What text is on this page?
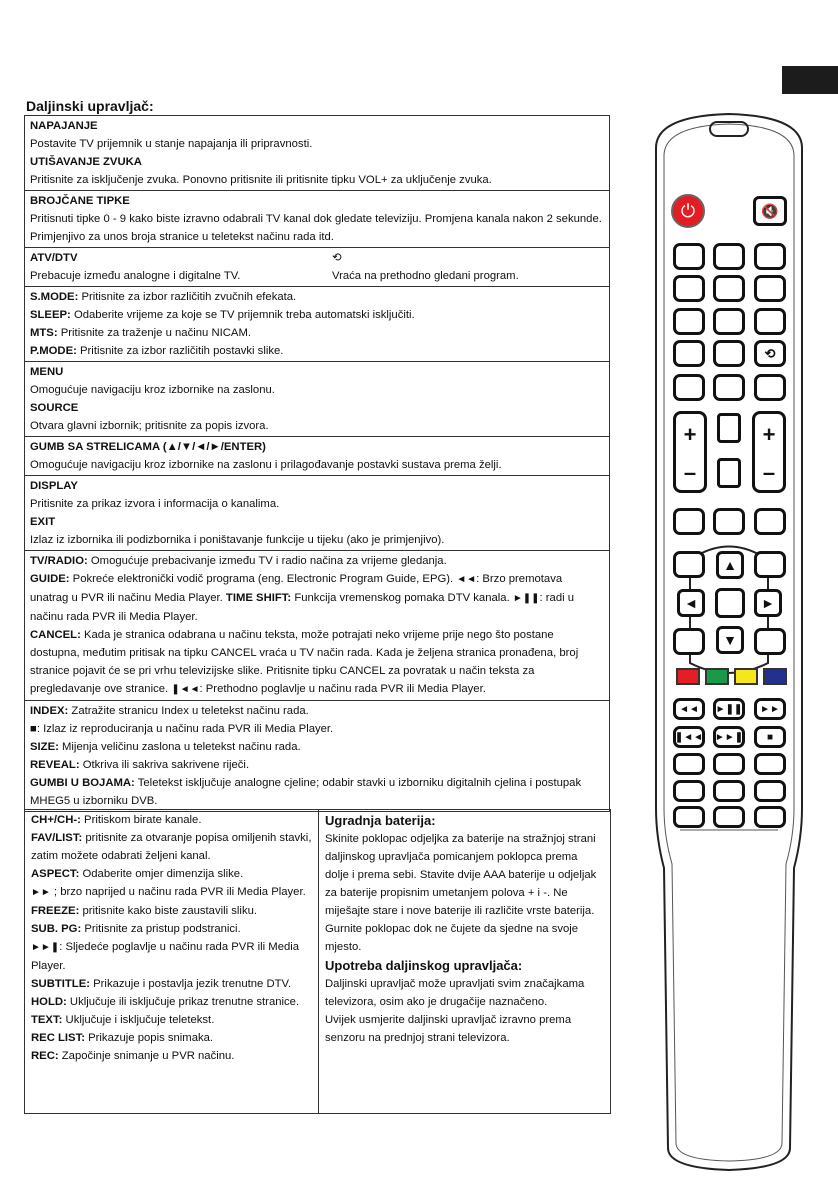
Daljinski upravljač:
NAPAJANJE
Postavite TV prijemnik u stanje napajanja ili pripravnosti.
UTIŠAVANJE ZVUKA
Pritisnite za isključenje zvuka. Ponovno pritisnite ili pritisnite tipku VOL+ za uključenje zvuka.

BROJČANE TIPKE
Pritisnuti tipke 0 - 9 kako biste izravno odabrali TV kanal dok gledate televiziju. Promjena kanala nakon 2 sekunde. Primjenjivo za unos broja stranice u teletekst načinu rada itd.

ATV/DTV
Prebacuje između analogne i digitalne TV.
⟲
Vraća na prethodno gledani program.

S.MODE: Pritisnite za izbor različitih zvučnih efekata.
SLEEP: Odaberite vrijeme za koje se TV prijemnik treba automatski isključiti.
MTS: Pritisnite za traženje u načinu NICAM.
P.MODE: Pritisnite za izbor različitih postavki slike.

MENU
Omogućuje navigaciju kroz izbornike na zaslonu.
SOURCE
Otvara glavni izbornik; pritisnite za popis izvora.

GUMB SA STRELICAMA (▲/▼/◄/►/ENTER)
Omogućuje navigaciju kroz izbornike na zaslonu i prilagođavanje postavki sustava prema želji.

DISPLAY
Pritisnite za prikaz izvora i informacija o kanalima.
EXIT
Izlaz iz izbornika ili podizbornika i poništavanje funkcije u tijeku (ako je primjenjivo).

TV/RADIO: Omogućuje prebacivanje između TV i radio načina za vrijeme gledanja.
GUIDE: Pokreće elektronički vodič programa (eng. Electronic Program Guide, EPG). ◄◄: Brzo premotava unatrag u PVR ili načinu Media Player. TIME SHIFT: Funkcija vremenskog pomaka DTV kanala. ►❚❚: radi u načinu rada PVR ili Media Player.
CANCEL: Kada je stranica odabrana u načinu teksta, može potrajati neko vrijeme prije nego što postane dostupna, međutim pritisak na tipku CANCEL vraća u TV način rada. Kada je željena stranica pronađena, broj stranice pojavit će se pri vrhu televizijske slike. Pritisnite tipku CANCEL za povratak u način teksta za pregledavanje ove stranice. ❚◄◄: Prethodno poglavlje u načinu rada PVR ili Media Player.

INDEX: Zatražite stranicu Index u teletekst načinu rada.
■: Izlaz iz reproduciranja u načinu rada PVR ili Media Player.
SIZE: Mijenja veličinu zaslona u teletekst načinu rada.
REVEAL: Otkriva ili sakriva sakrivene riječi.
GUMBI U BOJAMA: Teletekst isključuje analogne cjeline; odabir stavki u izborniku digitalnih cjelina i postupak MHEG5 u izborniku DVB.
CH+/CH-: Pritiskom birate kanale.
FAV/LIST: pritisnite za otvaranje popisa omiljenih stavki, zatim možete odabrati željeni kanal.
ASPECT: Odaberite omjer dimenzija slike.
►► ; brzo naprijed u načinu rada PVR ili Media Player.
FREEZE: pritisnite kako biste zaustavili sliku.
SUB. PG: Pritisnite za pristup podstranici.
►►❚: Sljedeće poglavlje u načinu rada PVR ili Media Player.
SUBTITLE: Prikazuje i postavlja jezik trenutne DTV.
HOLD: Uključuje ili isključuje prikaz trenutne stranice.
TEXT: Uključuje i isključuje teletekst.
REC LIST: Prikazuje popis snimaka.
REC: Započinje snimanje u PVR načinu.

Ugradnja baterija:
Skinite poklopac odjeljka za baterije na stražnjoj strani daljinskog upravljača pomicanjem poklopca prema dolje i prema sebi. Stavite dvije AAA baterije u odjeljak za baterije propisnim umetanjem polova + i -. Ne miješajte stare i nove baterije ili različite vrste baterija.
Gurnite poklopac dok ne čujete da sjedne na svoje mjesto.
Upotreba daljinskog upravljača:
Daljinski upravljač može upravljati svim značajkama televizora, osim ako je drugačije naznačeno.
Uvijek usmjerite daljinski upravljač izravno prema senzoru na prednjoj strani televizora.
⏻	🔇
⟲
+
–
+
–
▲
◄	►
▼
◄◄ ►❚❚ ►►
❚◄◄ ►►❚ ■
